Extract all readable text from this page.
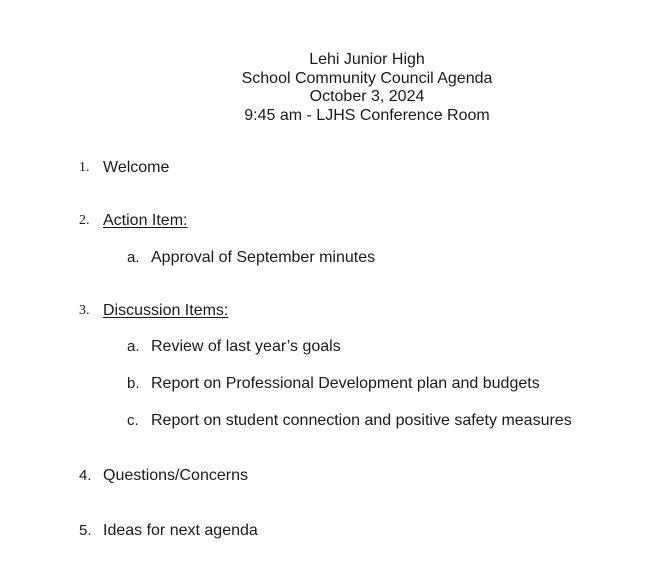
Lehi Junior High
School Community Council Agenda
October 3, 2024
9:45 am - LJHS Conference Room
1. Welcome
2. Action Item:
a. Approval of September minutes
3. Discussion Items:
a. Review of last year’s goals
b. Report on Professional Development plan and budgets
c. Report on student connection and positive safety measures
4. Questions/Concerns
5. Ideas for next agenda
